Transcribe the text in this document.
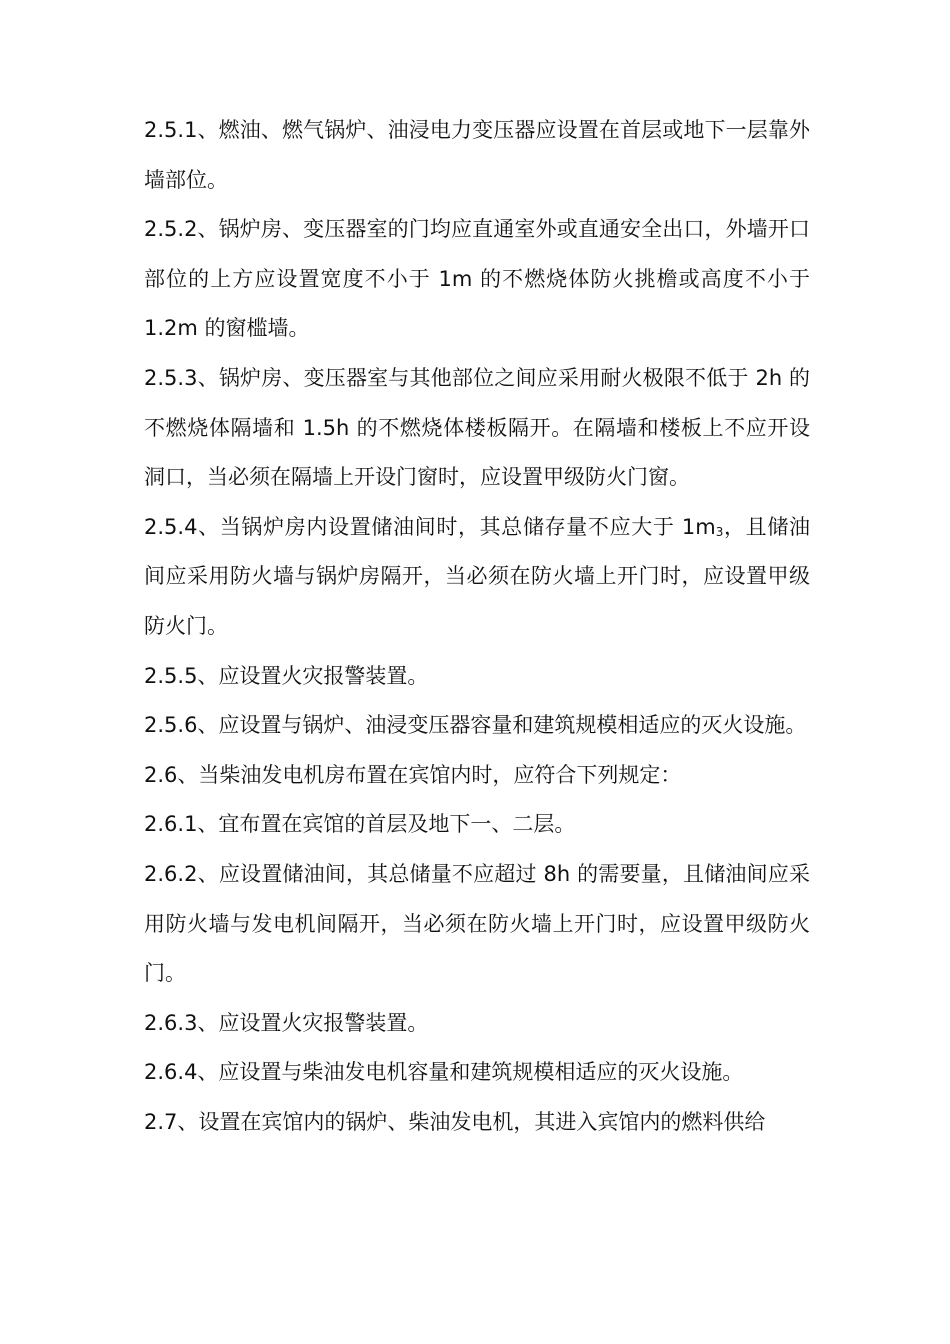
2.5.1、燃油、燃气锅炉、油浸电力变压器应设置在首层或地下一层靠外墙部位。

2.5.2、锅炉房、变压器室的门均应直通室外或直通安全出口，外墙开口部位的上方应设置宽度不小于 1m 的不燃烧体防火挑檐或高度不小于 1.2m 的窗槛墙。

2.5.3、锅炉房、变压器室与其他部位之间应采用耐火极限不低于 2h 的不燃烧体隔墙和 1.5h 的不燃烧体楼板隔开。在隔墙和楼板上不应开设洞口，当必须在隔墙上开设门窗时，应设置甲级防火门窗。

2.5.4、当锅炉房内设置储油间时，其总储存量不应大于 $1m_3$，且储油间应采用防火墙与锅炉房隔开，当必须在防火墙上开门时，应设置甲级防火门。

2.5.5、应设置火灾报警装置。

2.5.6、应设置与锅炉、油浸变压器容量和建筑规模相适应的灭火设施。

2.6、当柴油发电机房布置在宾馆内时，应符合下列规定：

2.6.1、宜布置在宾馆的首层及地下一、二层。

2.6.2、应设置储油间，其总储量不应超过 8h 的需要量，且储油间应采用防火墙与发电机间隔开，当必须在防火墙上开门时，应设置甲级防火门。

2.6.3、应设置火灾报警装置。

2.6.4、应设置与柴油发电机容量和建筑规模相适应的灭火设施。

2.7、设置在宾馆内的锅炉、柴油发电机，其进入宾馆内的燃料供给
